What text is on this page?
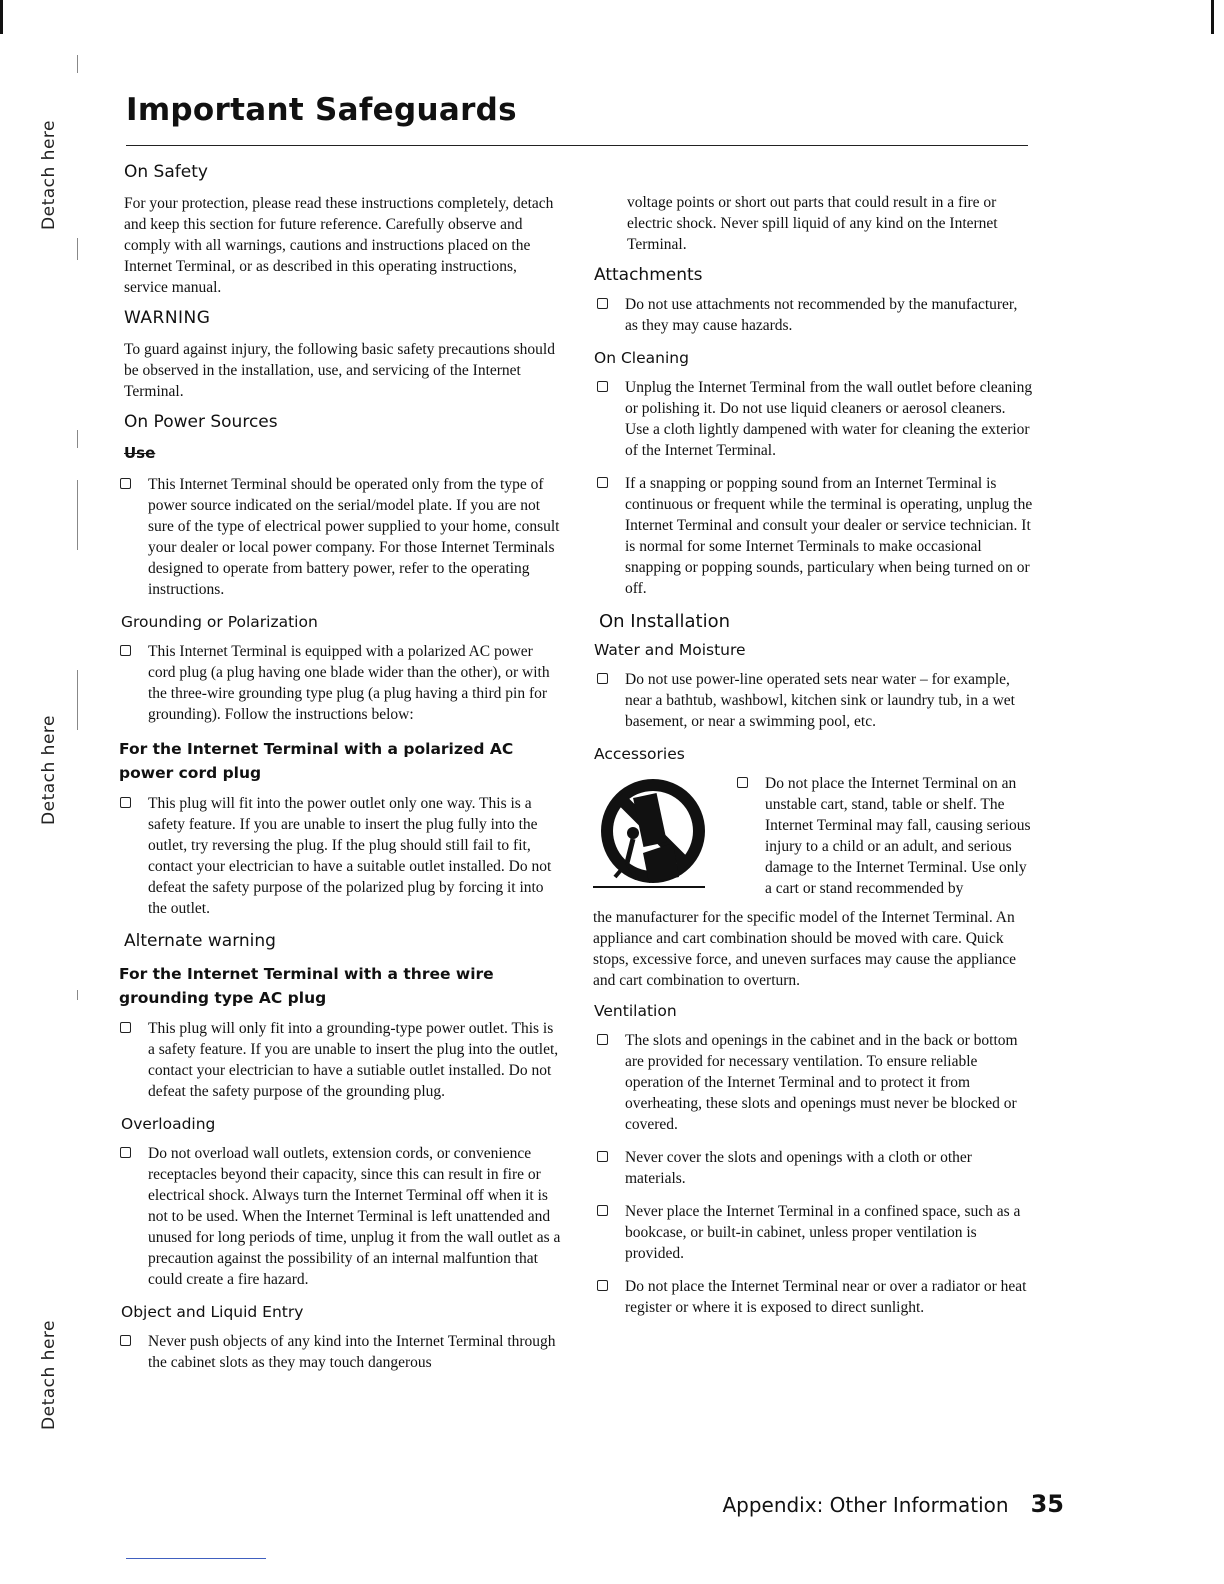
Detach here
Detach here
Detach here
Important Safeguards
On Safety

For your protection, please read these instructions completely, detach and keep this section for future reference. Carefully observe and comply with all warnings, cautions and instructions placed on the Internet Terminal, or as described in this operating instructions, service manual.

WARNING

To guard against injury, the following basic safety precautions should be observed in the installation, use, and servicing of the Internet Terminal.

On Power Sources
Use
This Internet Terminal should be operated only from the type of power source indicated on the serial/model plate. If you are not sure of the type of electrical power supplied to your home, consult your dealer or local power company. For those Internet Terminals designed to operate from battery power, refer to the operating instructions.
Grounding or Polarization
This Internet Terminal is equipped with a polarized AC power cord plug (a plug having one blade wider than the other), or with the three-wire grounding type plug (a plug having a third pin for grounding). Follow the instructions below:
For the Internet Terminal with a polarized AC power cord plug
This plug will fit into the power outlet only one way. This is a safety feature. If you are unable to insert the plug fully into the outlet, try reversing the plug. If the plug should still fail to fit, contact your electrician to have a suitable outlet installed. Do not defeat the safety purpose of the polarized plug by forcing it into the outlet.
Alternate warning
For the Internet Terminal with a three wire grounding type AC plug
This plug will only fit into a grounding-type power outlet. This is a safety feature. If you are unable to insert the plug into the outlet, contact your electrician to have a sutiable outlet installed. Do not defeat the safety purpose of the grounding plug.
Overloading
Do not overload wall outlets, extension cords, or convenience receptacles beyond their capacity, since this can result in fire or electrical shock. Always turn the Internet Terminal off when it is not to be used. When the Internet Terminal is left unattended and unused for long periods of time, unplug it from the wall outlet as a precaution against the possibility of an internal malfuntion that could create a fire hazard.
Object and Liquid Entry
Never push objects of any kind into the Internet Terminal through the cabinet slots as they may touch dangerous

voltage points or short out parts that could result in a fire or electric shock. Never spill liquid of any kind on the Internet Terminal.

Attachments
Do not use attachments not recommended by the manufacturer, as they may cause hazards.
On Cleaning
Unplug the Internet Terminal from the wall outlet before cleaning or polishing it. Do not use liquid cleaners or aerosol cleaners. Use a cloth lightly dampened with water for cleaning the exterior of the Internet Terminal.
If a snapping or popping sound from an Internet Terminal is continuous or frequent while the terminal is operating, unplug the Internet Terminal and consult your dealer or service technician. It is normal for some Internet Terminals to make occasional snapping or popping sounds, particulary when being turned on or off.
On Installation
Water and Moisture
Do not use power-line operated sets near water – for example, near a bathtub, washbowl, kitchen sink or laundry tub, in a wet basement, or near a swimming pool, etc.
Accessories
Do not place the Internet Terminal on an unstable cart, stand, table or shelf. The Internet Terminal may fall, causing serious injury to a child or an adult, and serious damage to the Internet Terminal. Use only a cart or stand recommended by

the manufacturer for the specific model of the Internet Terminal. An appliance and cart combination should be moved with care. Quick stops, excessive force, and uneven surfaces may cause the appliance and cart combination to overturn.

Ventilation
The slots and openings in the cabinet and in the back or bottom are provided for necessary ventilation. To ensure reliable operation of the Internet Terminal and to protect it from overheating, these slots and openings must never be blocked or covered.
Never cover the slots and openings with a cloth or other materials.
Never place the Internet Terminal in a confined space, such as a bookcase, or built-in cabinet, unless proper ventilation is provided.
Do not place the Internet Terminal near or over a radiator or heat register or where it is exposed to direct sunlight.
Appendix: Other Information 35
